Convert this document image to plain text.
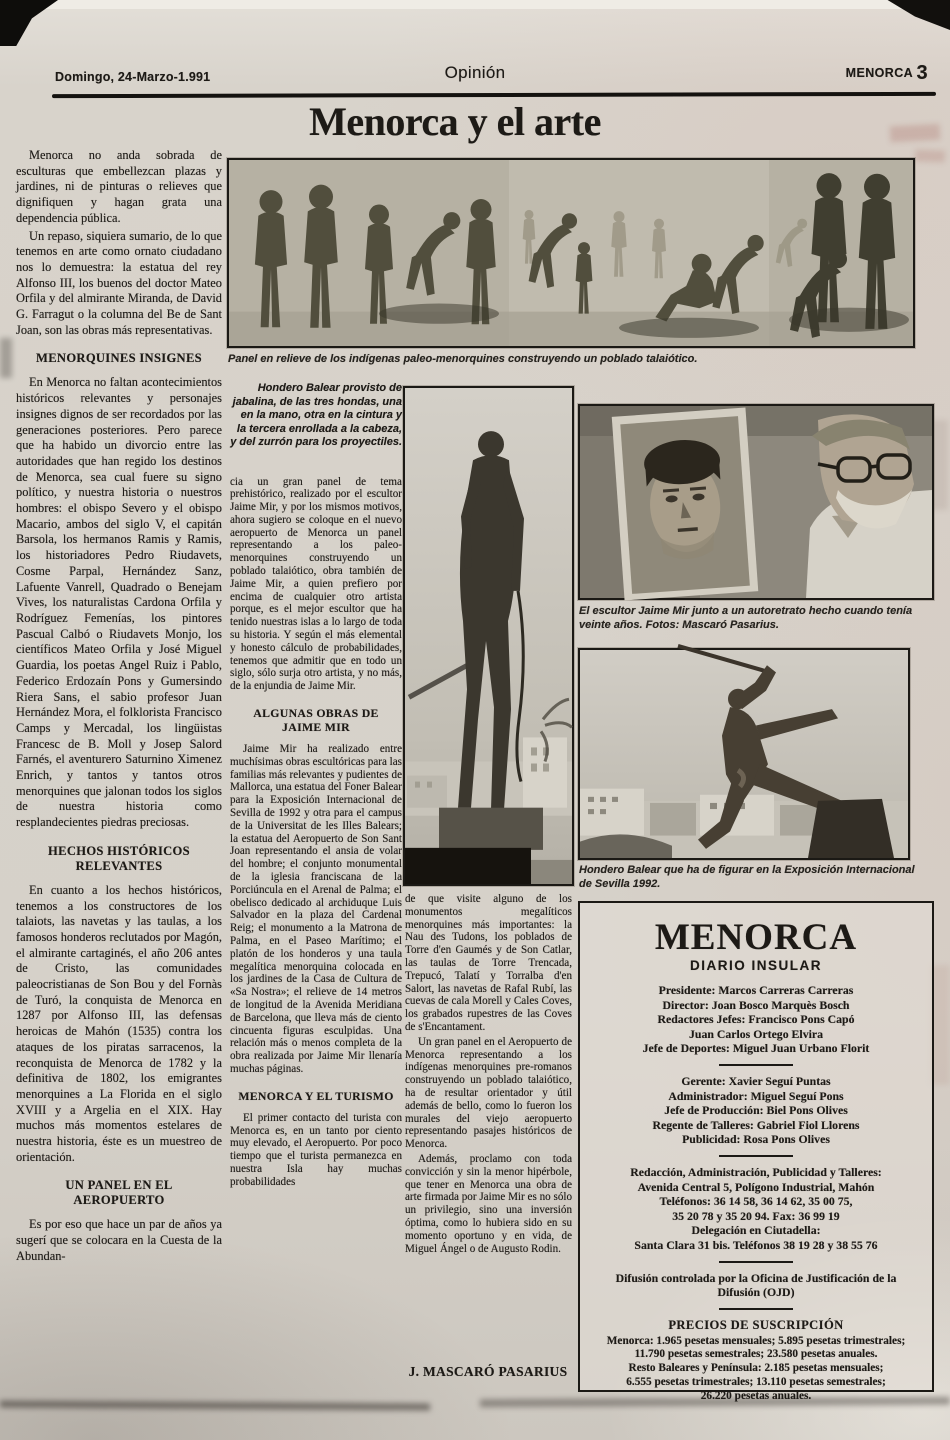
Domingo, 24-Marzo-1.991	Opinión	MENORCA 3
Menorca y el arte

Menorca no anda sobrada de esculturas que embellezcan plazas y jardines, ni de pinturas o relieves que dignifiquen y hagan grata una dependencia pública.

Un repaso, siquiera sumario, de lo que tenemos en arte como ornato ciudadano nos lo demuestra: la estatua del rey Alfonso III, los buenos del doctor Mateo Orfila y del almirante Miranda, de David G. Farragut o la columna del Be de Sant Joan, son las obras más representativas.

MENORQUINES INSIGNES

En Menorca no faltan acontecimientos históricos relevantes y personajes insignes dignos de ser recordados por las generaciones posteriores. Pero parece que ha habido un divorcio entre las autoridades que han regido los destinos de Menorca, sea cual fuere su signo político, y nuestra historia o nuestros hombres: el obispo Severo y el obispo Macario, ambos del siglo V, el capitán Barsola, los hermanos Ramis y Ramis, los historiadores Pedro Riudavets, Cosme Parpal, Hernández Sanz, Lafuente Vanrell, Quadrado o Benejam Vives, los naturalistas Cardona Orfila y Rodríguez Femenías, los pintores Pascual Calbó o Riudavets Monjo, los científicos Mateo Orfila y José Miguel Guardia, los poetas Angel Ruiz i Pablo, Federico Erdozaín Pons y Gumersindo Riera Sans, el sabio profesor Juan Hernández Mora, el folklorista Francisco Camps y Mercadal, los lingüistas Francesc de B. Moll y Josep Salord Farnés, el aventurero Saturnino Ximenez Enrich, y tantos y tantos otros menorquines que jalonan todos los siglos de nuestra historia como resplandecientes piedras preciosas.

HECHOS HISTÓRICOS RELEVANTES

En cuanto a los hechos históricos, tenemos a los constructores de los talaiots, las navetas y las taulas, a los famosos honderos reclutados por Magón, el almirante cartaginés, el año 206 antes de Cristo, las comunidades paleocristianas de Son Bou y del Fornàs de Turó, la conquista de Menorca en 1287 por Alfonso III, las defensas heroicas de Mahón (1535) contra los ataques de los piratas sarracenos, la reconquista de Menorca de 1782 y la definitiva de 1802, los emigrantes menorquines a La Florida en el siglo XVIII y a Argelia en el XIX. Hay muchos más momentos estelares de nuestra historia, éste es un muestreo de orientación.

UN PANEL EN EL AEROPUERTO

Es por eso que hace un par de años ya sugerí que se colocara en la Cuesta de la Abundan-

Panel en relieve de los indígenas paleo-menorquines construyendo un poblado talaiótico.
Hondero Balear provisto de jabalina, de las tres hondas, una en la mano, otra en la cintura y la tercera enrollada a la cabeza, y del zurrón para los proyectiles.

cia un gran panel de tema prehistórico, realizado por el escultor Jaime Mir, y por los mismos motivos, ahora sugiero se coloque en el nuevo aeropuerto de Menorca un panel representando a los paleo-menorquines construyendo un poblado talaiótico, obra también de Jaime Mir, a quien prefiero por encima de cualquier otro artista porque, es el mejor escultor que ha tenido nuestras islas a lo largo de toda su historia. Y según el más elemental y honesto cálculo de probabilidades, tenemos que admitir que en todo un siglo, sólo surja otro artista, y no más, de la enjundia de Jaime Mir.

ALGUNAS OBRAS DE JAIME MIR

Jaime Mir ha realizado entre muchísimas obras escultóricas para las familias más relevantes y pudientes de Mallorca, una estatua del Foner Balear para la Exposición Internacional de Sevilla de 1992 y otra para el campus de la Universitat de les Illes Balears; la estatua del Aeropuerto de Son Sant Joan representando el ansia de volar del hombre; el conjunto monumental de la iglesia franciscana de la Porciúncula en el Arenal de Palma; el obelisco dedicado al archiduque Luis Salvador en la plaza del Cardenal Reig; el monumento a la Matrona de Palma, en el Paseo Marítimo; el platón de los honderos y una taula megalítica menorquina colocada en los jardines de la Casa de Cultura de «Sa Nostra»; el relieve de 14 metros de longitud de la Avenida Meridiana de Barcelona, que lleva más de ciento cincuenta figuras esculpidas. Una relación más o menos completa de la obra realizada por Jaime Mir llenaría muchas páginas.

MENORCA Y EL TURISMO

El primer contacto del turista con Menorca es, en un tanto por ciento muy elevado, el Aeropuerto. Por poco tiempo que el turista permanezca en nuestra Isla hay muchas probabilidades

de que visite alguno de los monumentos megalíticos menorquines más importantes: la Nau des Tudons, los poblados de Torre d'en Gaumés y de Son Catlar, las taulas de Torre Trencada, Trepucó, Talatí y Torralba d'en Salort, las navetas de Rafal Rubí, las cuevas de cala Morell y Cales Coves, los grabados rupestres de las Coves de s'Encantament.

Un gran panel en el Aeropuerto de Menorca representando a los indígenas menorquines pre-romanos construyendo un poblado talaiótico, ha de resultar orientador y útil además de bello, como lo fueron los murales del viejo aeropuerto representando pasajes históricos de Menorca.

Además, proclamo con toda convicción y sin la menor hipérbole, que tener en Menorca una obra de arte firmada por Jaime Mir es no sólo un privilegio, sino una inversión óptima, como lo hubiera sido en su momento oportuno y en vida, de Miguel Ángel o de Augusto Rodin.

J. MASCARÓ PASARIUS
El escultor Jaime Mir junto a un autoretrato hecho cuando tenía veinte años. Fotos: Mascaró Pasarius.
Hondero Balear que ha de figurar en la Exposición Internacional de Sevilla 1992.
MENORCA
DIARIO INSULAR
Presidente: Marcos Carreras Carreras
Director: Joan Bosco Marquès Bosch
Redactores Jefes: Francisco Pons Capó
Juan Carlos Ortego Elvira
Jefe de Deportes: Miguel Juan Urbano Florit
Gerente: Xavier Seguí Puntas
Administrador: Miguel Seguí Pons
Jefe de Producción: Biel Pons Olives
Regente de Talleres: Gabriel Fiol Llorens
Publicidad: Rosa Pons Olives
Redacción, Administración, Publicidad y Talleres:
Avenida Central 5, Polígono Industrial, Mahón
Teléfonos: 36 14 58, 36 14 62, 35 00 75,
35 20 78 y 35 20 94. Fax: 36 99 19
Delegación en Ciutadella:
Santa Clara 31 bis. Teléfonos 38 19 28 y 38 55 76
Difusión controlada por la Oficina de Justificación de la Difusión (OJD)
PRECIOS DE SUSCRIPCIÓN
Menorca: 1.965 pesetas mensuales; 5.895 pesetas trimestrales;
11.790 pesetas semestrales; 23.580 pesetas anuales.
Resto Baleares y Península: 2.185 pesetas mensuales;
6.555 pesetas trimestrales; 13.110 pesetas semestrales;
26.220 pesetas anuales.
